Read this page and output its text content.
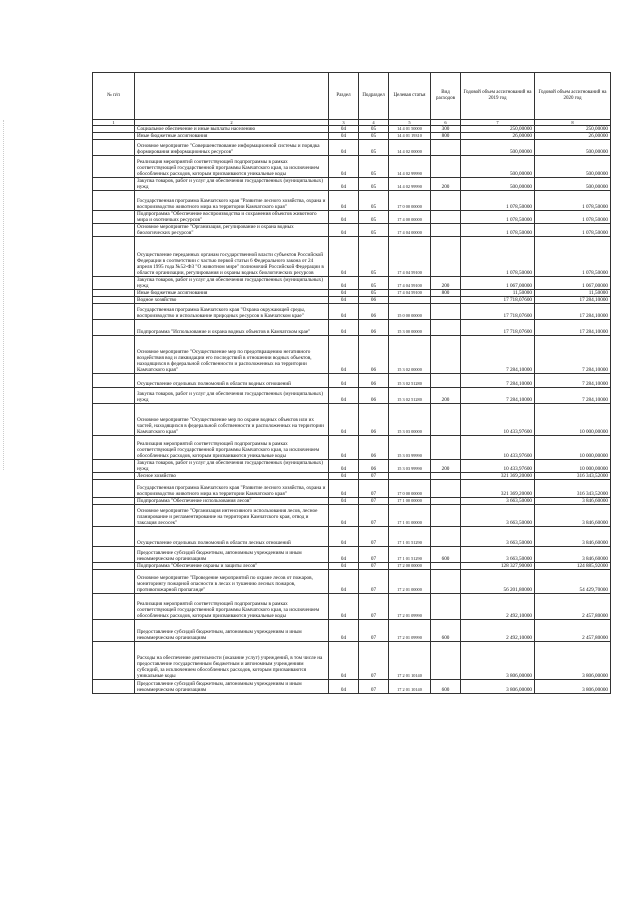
№ п/п		Раздел	Подраздел	Целевая статья	Вид расходов	Годовой объем ассигнований на 2019 год	Годовой объем ассигнований на 2020 год
1	2	3	4	5	6	7	8
	Социальное обеспечение и иные выплаты населению	04	05	14 4 01 50000	300	250,00000	250,00000
	Иные бюджетные ассигнования	04	05	14 4 01 19310	800	26,00000	26,00000
	Основное мероприятие "Совершенствование информационной системы и порядка формирования информационных ресурсов"	04	05	14 4 02 00000		500,00000	500,00000
	Реализация мероприятий соответствующей подпрограммы в рамках соответствующей государственной программы Камчатского края, за исключением обособленных расходов, которым присваиваются уникальные коды	04	05	14 4 02 99990		500,00000	500,00000
	Закупка товаров, работ и услуг для обеспечения государственных (муниципальных) нужд	04	05	14 4 02 99990	200	500,00000	500,00000
	Государственная программа Камчатского края "Развитие лесного хозяйства, охрана и воспроизводство животного мира на территории Камчатского края"	04	05	17 0 00 00000		1 078,50000	1 078,50000
	Подпрограмма "Обеспечение воспроизводства и сохранения объектов животного мира и охотничьих ресурсов"	04	05	17 4 00 00000		1 078,50000	1 078,50000
	Основное мероприятие "Организация, регулирование и охрана водных биологических ресурсов"	04	05	17 4 04 00000		1 078,50000	1 078,50000
	Осуществление переданных органам государственной власти субъектов Российской Федерации в соответствии с частью первой статьи 6 Федерального закона от 24 апреля 1995 года №52-ФЗ "О животном мире" полномочий Российской Федерации в области организации, регулирования и охраны водных биологических ресурсов	04	05	17 4 04 59100		1 078,50000	1 078,50000
	Закупка товаров, работ и услуг для обеспечения государственных (муниципальных) нужд	04	05	17 4 04 59100	200	1 067,00000	1 067,00000
	Иные бюджетные ассигнования	04	05	17 4 04 59100	800	11,50000	11,50000
	Водное хозяйство	04	06			17 718,07600	17 284,10000
	Государственная программа Камчатского края "Охрана окружающей среды, воспроизводство и использование природных ресурсов в Камчатском крае"	04	06	15 0 00 00000		17 718,07600	17 284,10000
	Подпрограмма "Использование и охрана водных объектов в Камчатском крае"	04	06	15 3 00 00000		17 718,07600	17 284,10000
	Основное мероприятие "Осуществление мер по предотвращению негативного воздействия вод и ликвидации его последствий в отношении водных объектов, находящихся в федеральной собственности и расположенных на территории Камчатского края"	04	06	15 3 02 00000		7 284,10000	7 284,10000
	Осуществление отдельных полномочий в области водных отношений	04	06	15 3 02 51280		7 284,10000	7 284,10000
	Закупка товаров, работ и услуг для обеспечения государственных (муниципальных) нужд	04	06	15 3 02 51280	200	7 284,10000	7 284,10000
	Основное мероприятие "Осуществление мер по охране водных объектов или их частей, находящихся в федеральной собственности и расположенных на территории Камчатского края"	04	06	15 3 03 00000		10 433,97600	10 000,00000
	Реализация мероприятий соответствующей подпрограммы в рамках соответствующей государственной программы Камчатского края, за исключением обособленных расходов, которым присваиваются уникальные коды	04	06	15 3 03 99990		10 433,97600	10 000,00000
	Закупка товаров, работ и услуг для обеспечения государственных (муниципальных) нужд	04	06	15 3 03 99990	200	10 433,97600	10 000,00000
	Лесное хозяйство	04	07			321 369,20000	316 343,52000
	Государственная программа Камчатского края "Развитие лесного хозяйства, охрана и воспроизводство животного мира на территории Камчатского края"	04	07	17 0 00 00000		321 369,20000	316 343,52000
	Подпрограмма "Обеспечение использования лесов"	04	07	17 1 00 00000		3 663,50000	3 846,60000
	Основное мероприятие "Организация интенсивного использования лесов, лесное планирование и регламентирование на территории Камчатского края, отвод и таксация лесосек"	04	07	17 1 01 00000		3 663,50000	3 846,60000
	Осуществление отдельных полномочий в области лесных отношений	04	07	17 1 01 51290		3 663,50000	3 846,60000
	Предоставление субсидий бюджетным, автономным учреждениям и иным некоммерческим организациям	04	07	17 1 01 51290	600	3 663,50000	3 846,60000
	Подпрограмма "Обеспечение охраны и защиты лесов"	04	07	17 2 00 00000		128 327,90000	124 885,92000
	Основное мероприятие "Проведение мероприятий по охране лесов от пожаров, мониторингу пожарной опасности в лесах и тушению лесных пожаров, противопожарной пропаганде"	04	07	17 2 01 00000		56 201,80000	54 429,70000
	Реализация мероприятий соответствующей подпрограммы в рамках соответствующей государственной программы Камчатского края, за исключением обособленных расходов, которым присваиваются уникальные коды	04	07	17 2 01 09990		2 492,10000	2 457,80000
	Предоставление субсидий бюджетным, автономным учреждениям и иным некоммерческим организациям	04	07	17 2 01 09990	600	2 492,10000	2 457,80000
	Расходы на обеспечение деятельности (оказание услуг) учреждений, в том числе на предоставление государственным бюджетным и автономным учреждениям субсидий, за исключением обособленных расходов, которым присваиваются уникальные коды	04	07	17 2 01 10140		3 806,00000	3 806,00000
	Предоставление субсидий бюджетным, автономным учреждениям и иным некоммерческим организациям	04	07	17 2 01 10140	600	3 806,00000	3 806,00000
